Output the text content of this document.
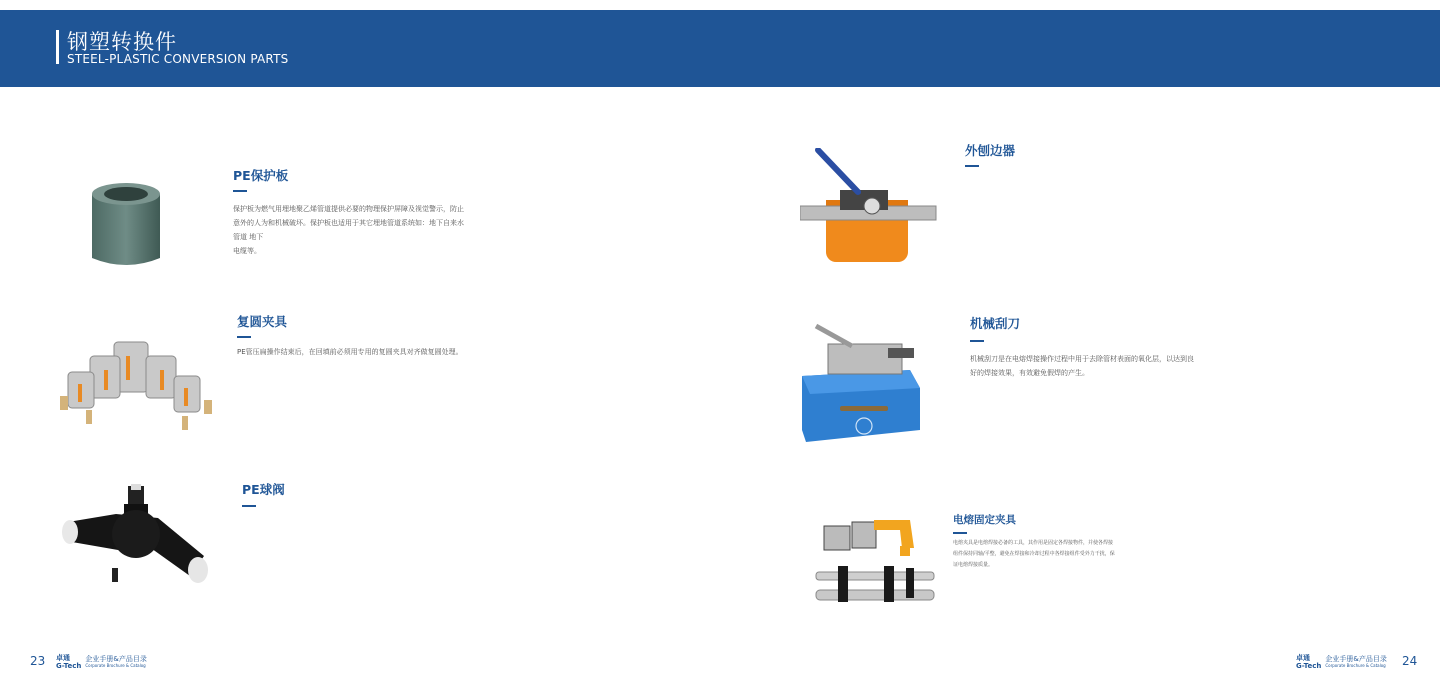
钢塑转换件
STEEL-PLASTIC CONVERSION PARTS
PE保护板
保护板为燃气用埋地聚乙烯管道提供必要的物理保护屏障及视觉警示，防止
意外的人为和机械破坏。保护板也适用于其它埋地管道系统如：地下自来水
管道 地下
电缆等。
复圆夹具
PE管压扁操作结束后，在回填前必须用专用的复圆夹具对齐做复圆处理。
PE球阀
外刨边器
机械刮刀
机械刮刀是在电熔焊接操作过程中用于去除管材表面的氧化层，以达到良
好的焊接效果，有效避免假焊的产生。
电熔固定夹具
电熔夹具是电熔焊接必备的工具，其作用是固定各焊接物件，并使各焊接
组件保持同轴/平整，避免在焊接和冷却过程中各焊接组件受外力干扰，保
证电熔焊接质量。
23 卓通
G-Tech
企业手册&产品目录
Corporate Brochure & Catalog
卓通
G-Tech
企业手册&产品目录
Corporate Brochure & Catalog 24
